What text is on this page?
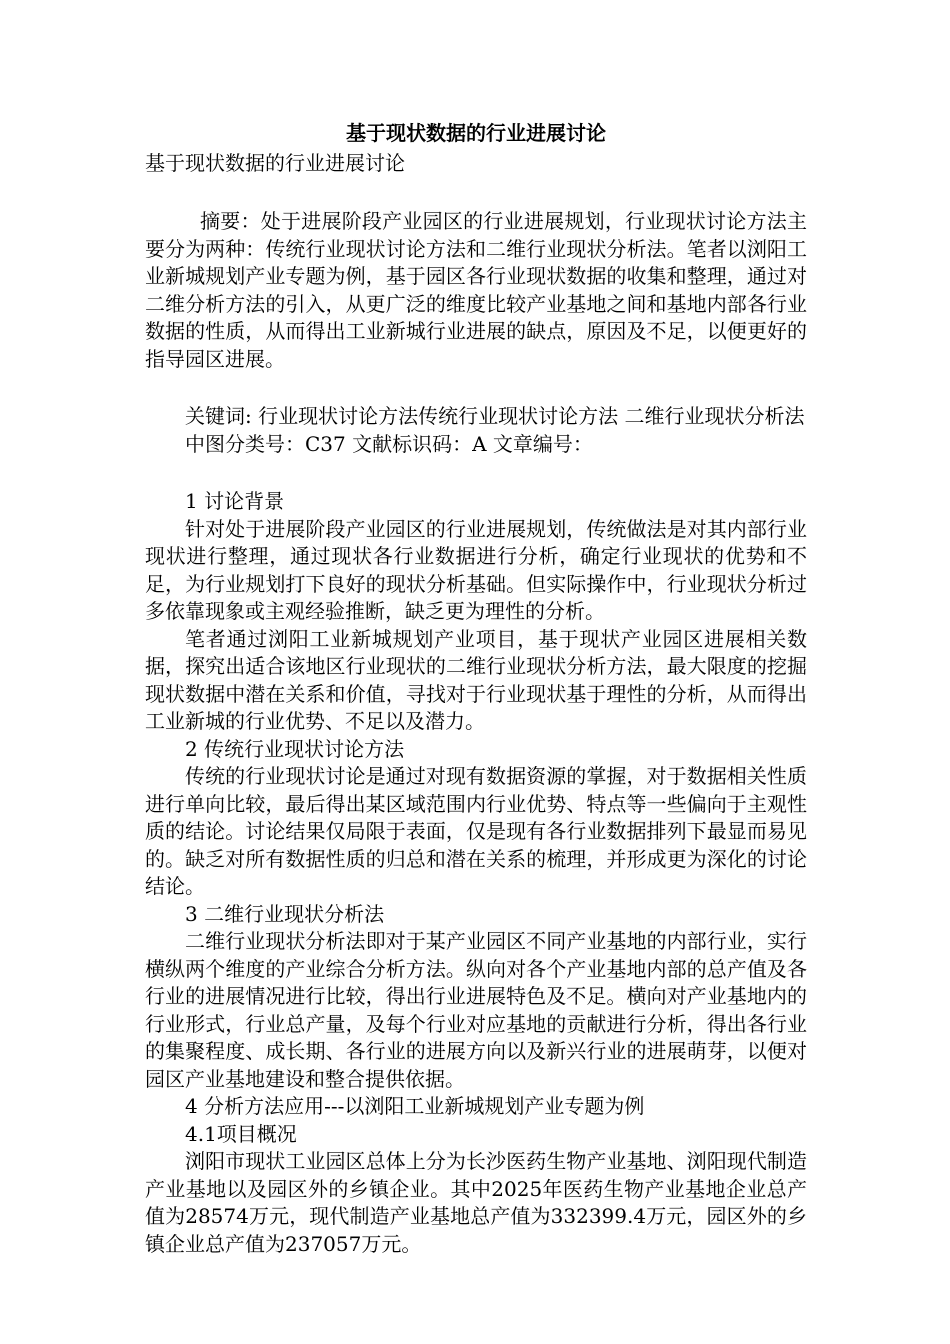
基于现状数据的行业进展讨论

基于现状数据的行业进展讨论

摘要：处于进展阶段产业园区的行业进展规划，行业现状讨论方法主要分为两种：传统行业现状讨论方法和二维行业现状分析法。笔者以浏阳工业新城规划产业专题为例，基于园区各行业现状数据的收集和整理，通过对二维分析方法的引入，从更广泛的维度比较产业基地之间和基地内部各行业数据的性质，从而得出工业新城行业进展的缺点，原因及不足，以便更好的指导园区进展。

关键词: 行业现状讨论方法传统行业现状讨论方法 二维行业现状分析法

中图分类号：C37 文献标识码：A 文章编号：

1 讨论背景

针对处于进展阶段产业园区的行业进展规划，传统做法是对其内部行业现状进行整理，通过现状各行业数据进行分析，确定行业现状的优势和不足，为行业规划打下良好的现状分析基础。但实际操作中，行业现状分析过多依靠现象或主观经验推断，缺乏更为理性的分析。

笔者通过浏阳工业新城规划产业项目，基于现状产业园区进展相关数据，探究出适合该地区行业现状的二维行业现状分析方法，最大限度的挖掘现状数据中潜在关系和价值，寻找对于行业现状基于理性的分析，从而得出工业新城的行业优势、不足以及潜力。

2 传统行业现状讨论方法

传统的行业现状讨论是通过对现有数据资源的掌握，对于数据相关性质进行单向比较，最后得出某区域范围内行业优势、特点等一些偏向于主观性质的结论。讨论结果仅局限于表面，仅是现有各行业数据排列下最显而易见的。缺乏对所有数据性质的归总和潜在关系的梳理，并形成更为深化的讨论结论。

3 二维行业现状分析法

二维行业现状分析法即对于某产业园区不同产业基地的内部行业，实行横纵两个维度的产业综合分析方法。纵向对各个产业基地内部的总产值及各行业的进展情况进行比较，得出行业进展特色及不足。横向对产业基地内的行业形式，行业总产量，及每个行业对应基地的贡献进行分析，得出各行业的集聚程度、成长期、各行业的进展方向以及新兴行业的进展萌芽，以便对园区产业基地建设和整合提供依据。

4 分析方法应用---以浏阳工业新城规划产业专题为例

4.1项目概况

浏阳市现状工业园区总体上分为长沙医药生物产业基地、浏阳现代制造产业基地以及园区外的乡镇企业。其中2025年医药生物产业基地企业总产值为28574万元，现代制造产业基地总产值为332399.4万元，园区外的乡镇企业总产值为237057万元。
